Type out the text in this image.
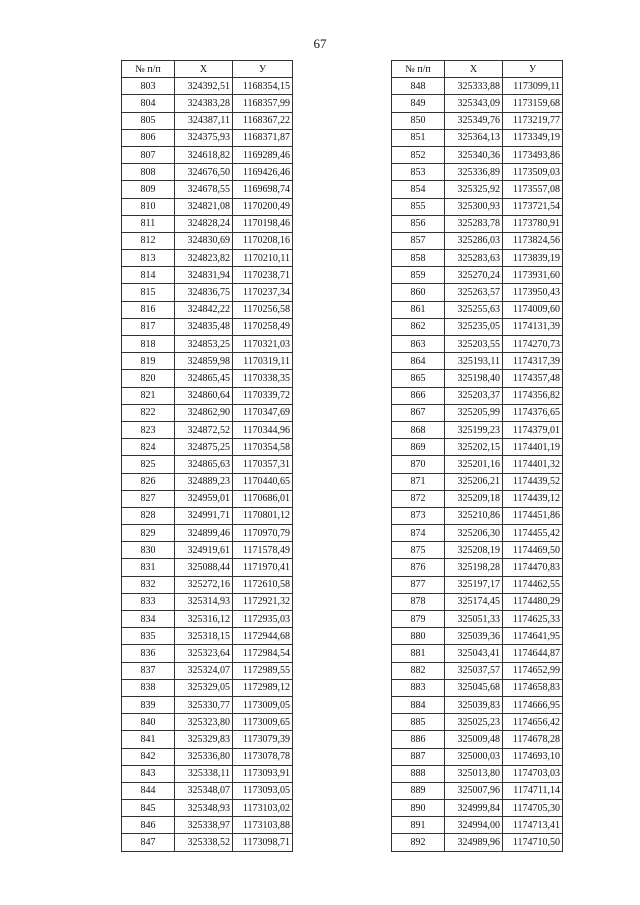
67
№ п/п	X	У
803	324392,51	1168354,15
804	324383,28	1168357,99
805	324387,11	1168367,22
806	324375,93	1168371,87
807	324618,82	1169289,46
808	324676,50	1169426,46
809	324678,55	1169698,74
810	324821,08	1170200,49
811	324828,24	1170198,46
812	324830,69	1170208,16
813	324823,82	1170210,11
814	324831,94	1170238,71
815	324836,75	1170237,34
816	324842,22	1170256,58
817	324835,48	1170258,49
818	324853,25	1170321,03
819	324859,98	1170319,11
820	324865,45	1170338,35
821	324860,64	1170339,72
822	324862,90	1170347,69
823	324872,52	1170344,96
824	324875,25	1170354,58
825	324865,63	1170357,31
826	324889,23	1170440,65
827	324959,01	1170686,01
828	324991,71	1170801,12
829	324899,46	1170970,79
830	324919,61	1171578,49
831	325088,44	1171970,41
832	325272,16	1172610,58
833	325314,93	1172921,32
834	325316,12	1172935,03
835	325318,15	1172944,68
836	325323,64	1172984,54
837	325324,07	1172989,55
838	325329,05	1172989,12
839	325330,77	1173009,05
840	325323,80	1173009,65
841	325329,83	1173079,39
842	325336,80	1173078,78
843	325338,11	1173093,91
844	325348,07	1173093,05
845	325348,93	1173103,02
846	325338,97	1173103,88
847	325338,52	1173098,71
№ п/п	X	У
848	325333,88	1173099,11
849	325343,09	1173159,68
850	325349,76	1173219,77
851	325364,13	1173349,19
852	325340,36	1173493,86
853	325336,89	1173509,03
854	325325,92	1173557,08
855	325300,93	1173721,54
856	325283,78	1173780,91
857	325286,03	1173824,56
858	325283,63	1173839,19
859	325270,24	1173931,60
860	325263,57	1173950,43
861	325255,63	1174009,60
862	325235,05	1174131,39
863	325203,55	1174270,73
864	325193,11	1174317,39
865	325198,40	1174357,48
866	325203,37	1174356,82
867	325205,99	1174376,65
868	325199,23	1174379,01
869	325202,15	1174401,19
870	325201,16	1174401,32
871	325206,21	1174439,52
872	325209,18	1174439,12
873	325210,86	1174451,86
874	325206,30	1174455,42
875	325208,19	1174469,50
876	325198,28	1174470,83
877	325197,17	1174462,55
878	325174,45	1174480,29
879	325051,33	1174625,33
880	325039,36	1174641,95
881	325043,41	1174644,87
882	325037,57	1174652,99
883	325045,68	1174658,83
884	325039,83	1174666,95
885	325025,23	1174656,42
886	325009,48	1174678,28
887	325000,03	1174693,10
888	325013,80	1174703,03
889	325007,96	1174711,14
890	324999,84	1174705,30
891	324994,00	1174713,41
892	324989,96	1174710,50
